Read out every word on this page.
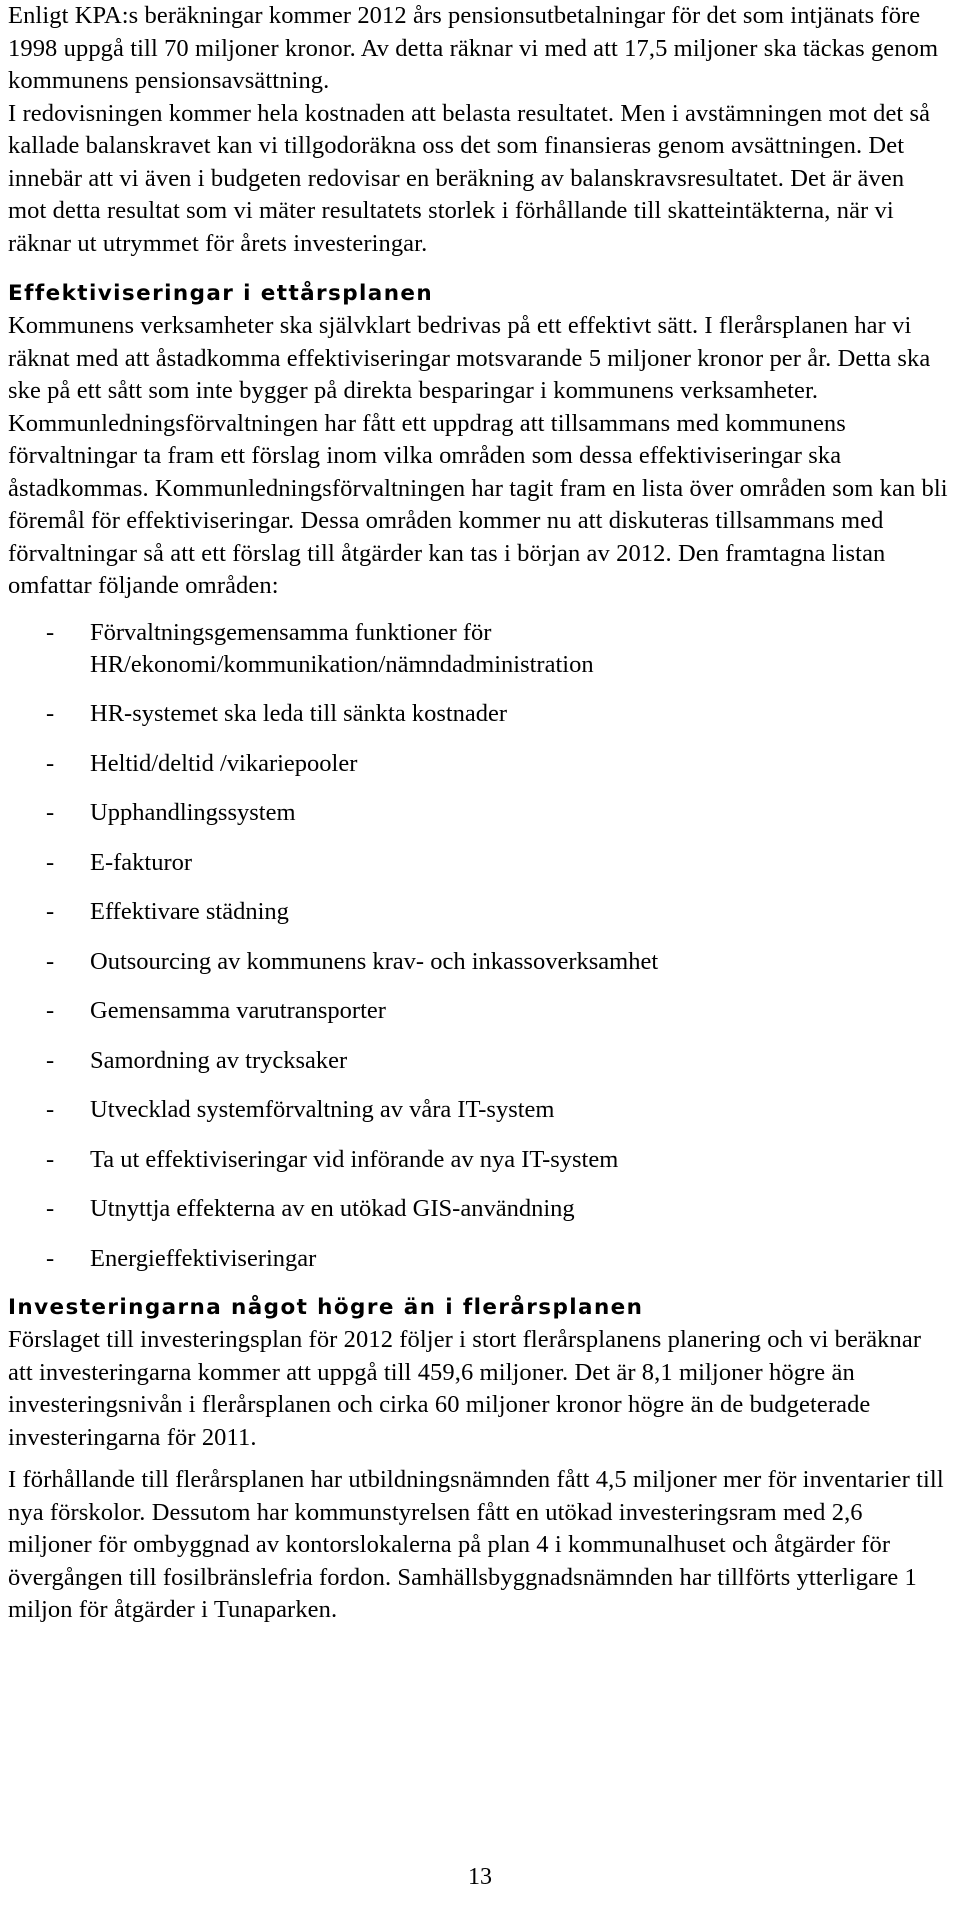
Enligt KPA:s beräkningar kommer 2012 års pensionsutbetalningar för det som intjänats före 1998 uppgå till 70 miljoner kronor. Av detta räknar vi med att 17,5 miljoner ska täckas genom kommunens pensionsavsättning.

I redovisningen kommer hela kostnaden att belasta resultatet. Men i avstämningen mot det så kallade balanskravet kan vi tillgodoräkna oss det som finansieras genom avsättningen. Det innebär att vi även i budgeten redovisar en beräkning av balanskravsresultatet. Det är även mot detta resultat som vi mäter resultatets storlek i förhållande till skatteintäkterna, när vi räknar ut utrymmet för årets investeringar.

Effektiviseringar i ettårsplanen

Kommunens verksamheter ska självklart bedrivas på ett effektivt sätt. I flerårsplanen har vi räknat med att åstadkomma effektiviseringar motsvarande 5 miljoner kronor per år. Detta ska ske på ett sått som inte bygger på direkta besparingar i kommunens verksamheter. Kommunledningsförvaltningen har fått ett uppdrag att tillsammans med kommunens förvaltningar ta fram ett förslag inom vilka områden som dessa effektiviseringar ska åstadkommas. Kommunledningsförvaltningen har tagit fram en lista över områden som kan bli föremål för effektiviseringar. Dessa områden kommer nu att diskuteras tillsammans med förvaltningar så att ett förslag till åtgärder kan tas i början av 2012. Den framtagna listan omfattar följande områden:

- Förvaltningsgemensamma funktioner för HR/ekonomi/kommunikation/nämndadministration
- HR-systemet ska leda till sänkta kostnader
- Heltid/deltid /vikariepooler
- Upphandlingssystem
- E-fakturor
- Effektivare städning
- Outsourcing av kommunens krav- och inkassoverksamhet
- Gemensamma varutransporter
- Samordning av trycksaker
- Utvecklad systemförvaltning av våra IT-system
- Ta ut effektiviseringar vid införande av nya IT-system
- Utnyttja effekterna av en utökad GIS-användning
- Energieffektiviseringar
Investeringarna något högre än i flerårsplanen

Förslaget till investeringsplan för 2012 följer i stort flerårsplanens planering och vi beräknar att investeringarna kommer att uppgå till 459,6 miljoner. Det är 8,1 miljoner högre än investeringsnivån i flerårsplanen och cirka 60 miljoner kronor högre än de budgeterade investeringarna för 2011.

I förhållande till flerårsplanen har utbildningsnämnden fått 4,5 miljoner mer för inventarier till nya förskolor. Dessutom har kommunstyrelsen fått en utökad investeringsram med 2,6 miljoner för ombyggnad av kontorslokalerna på plan 4 i kommunalhuset och åtgärder för övergången till fosilbränslefria fordon. Samhällsbyggnadsnämnden har tillförts ytterligare 1 miljon för åtgärder i Tunaparken.

13
